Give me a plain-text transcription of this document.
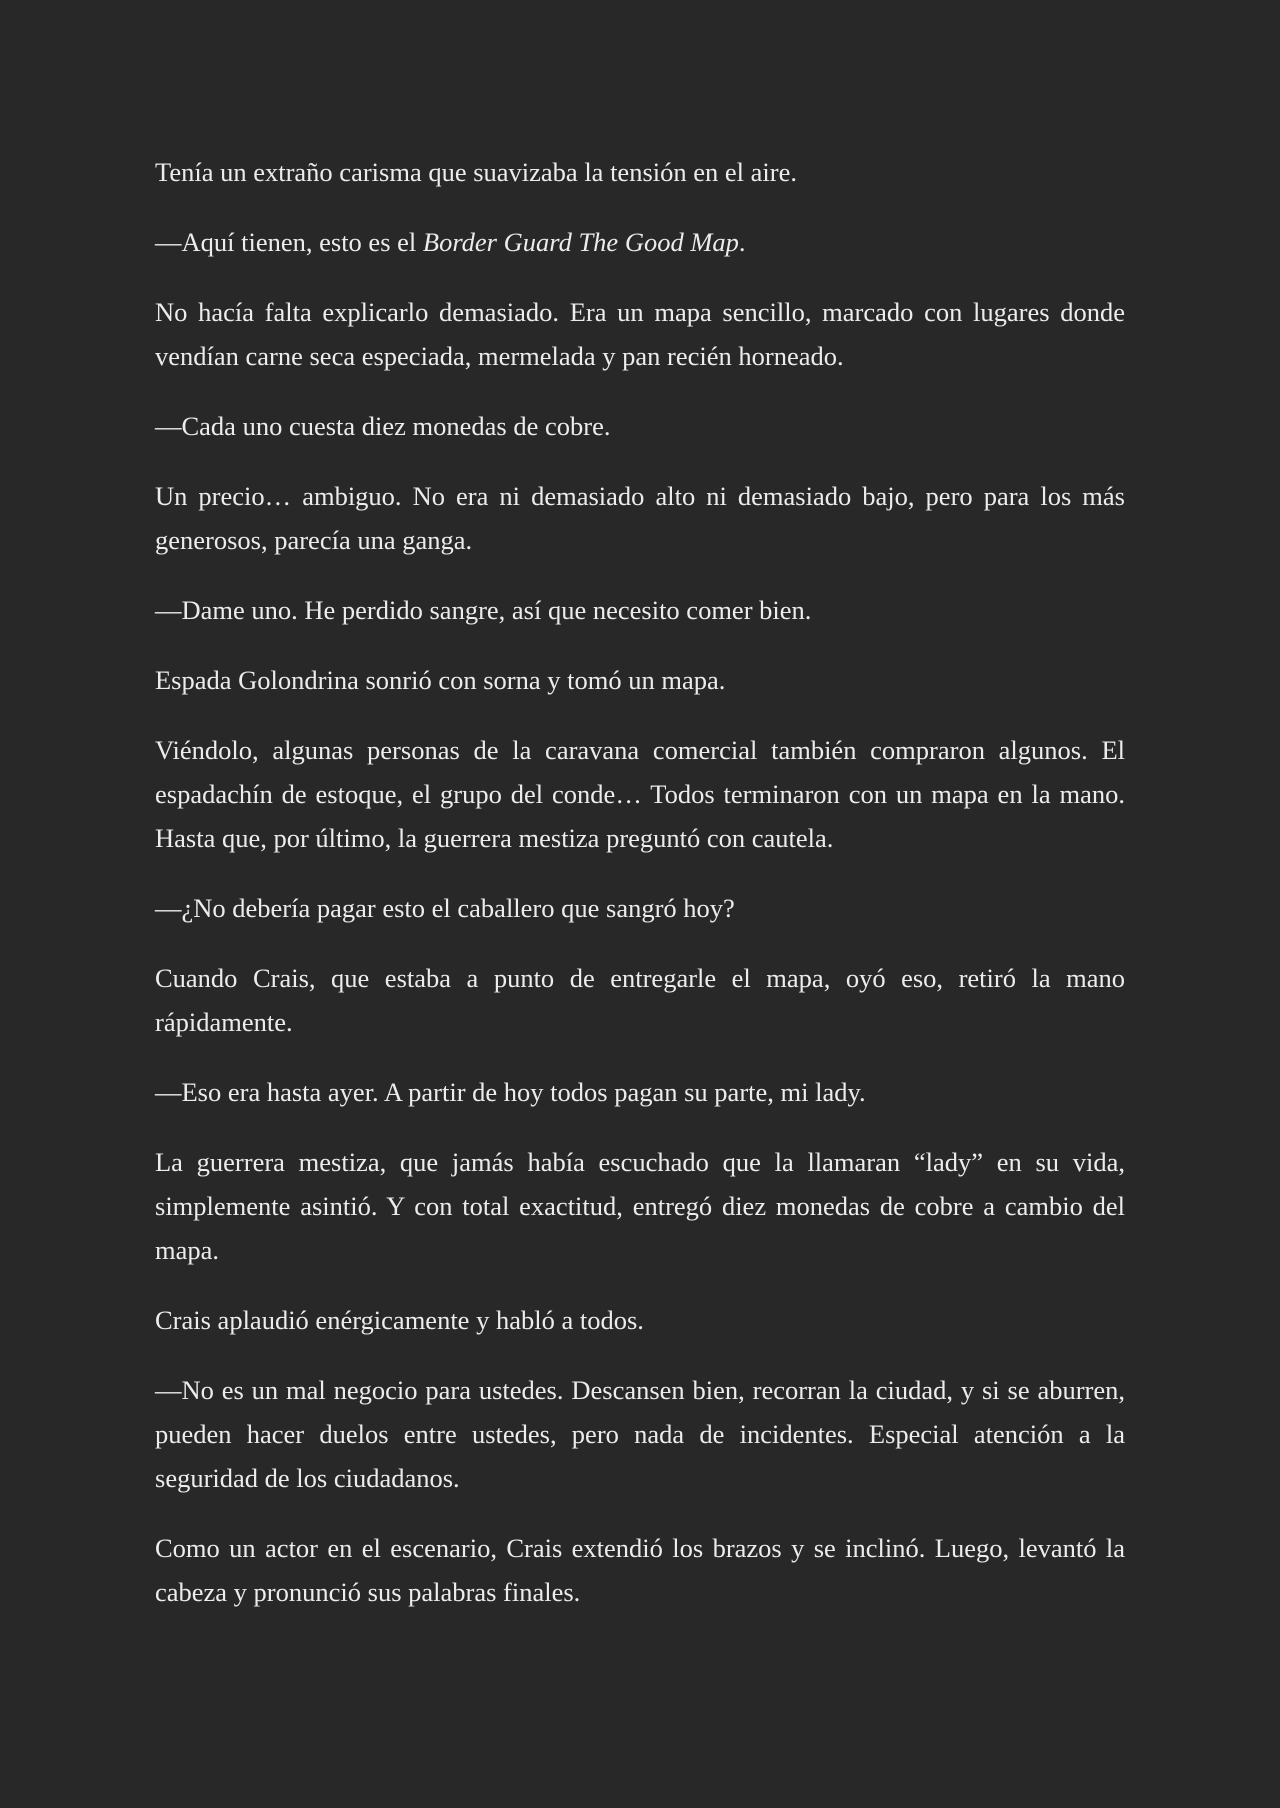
Tenía un extraño carisma que suavizaba la tensión en el aire.

—Aquí tienen, esto es el Border Guard The Good Map.

No hacía falta explicarlo demasiado. Era un mapa sencillo, marcado con lugares donde vendían carne seca especiada, mermelada y pan recién horneado.

—Cada uno cuesta diez monedas de cobre.

Un precio… ambiguo. No era ni demasiado alto ni demasiado bajo, pero para los más generosos, parecía una ganga.

—Dame uno. He perdido sangre, así que necesito comer bien.

Espada Golondrina sonrió con sorna y tomó un mapa.

Viéndolo, algunas personas de la caravana comercial también compraron algunos. El espadachín de estoque, el grupo del conde… Todos terminaron con un mapa en la mano. Hasta que, por último, la guerrera mestiza preguntó con cautela.

—¿No debería pagar esto el caballero que sangró hoy?

Cuando Crais, que estaba a punto de entregarle el mapa, oyó eso, retiró la mano rápidamente.

—Eso era hasta ayer. A partir de hoy todos pagan su parte, mi lady.

La guerrera mestiza, que jamás había escuchado que la llamaran “lady” en su vida, simplemente asintió. Y con total exactitud, entregó diez monedas de cobre a cambio del mapa.

Crais aplaudió enérgicamente y habló a todos.

—No es un mal negocio para ustedes. Descansen bien, recorran la ciudad, y si se aburren, pueden hacer duelos entre ustedes, pero nada de incidentes. Especial atención a la seguridad de los ciudadanos.

Como un actor en el escenario, Crais extendió los brazos y se inclinó. Luego, levantó la cabeza y pronunció sus palabras finales.
